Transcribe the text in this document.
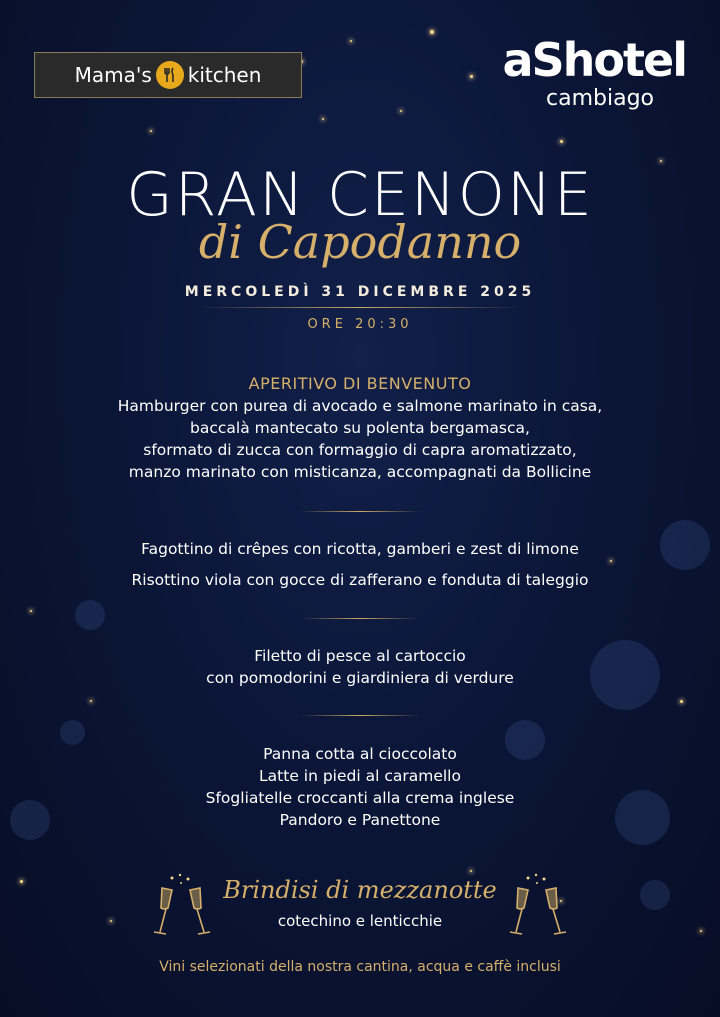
Mama's kitchen	aShotel
cambiago
GRAN CENONE
di Capodanno
MERCOLEDÌ 31 DICEMBRE 2025
ORE 20:30
APERITIVO DI BENVENUTO
Hamburger con purea di avocado e salmone marinato in casa,
baccalà mantecato su polenta bergamasca,
sformato di zucca con formaggio di capra aromatizzato,
manzo marinato con misticanza, accompagnati da Bollicine
Fagottino di crêpes con ricotta, gamberi e zest di limone
Risottino viola con gocce di zafferano e fonduta di taleggio
Filetto di pesce al cartoccio
con pomodorini e giardiniera di verdure
Panna cotta al cioccolato
Latte in piedi al caramello
Sfogliatelle croccanti alla crema inglese
Pandoro e Panettone
Brindisi di mezzanotte
cotechino e lenticchie
Vini selezionati della nostra cantina, acqua e caffè inclusi
